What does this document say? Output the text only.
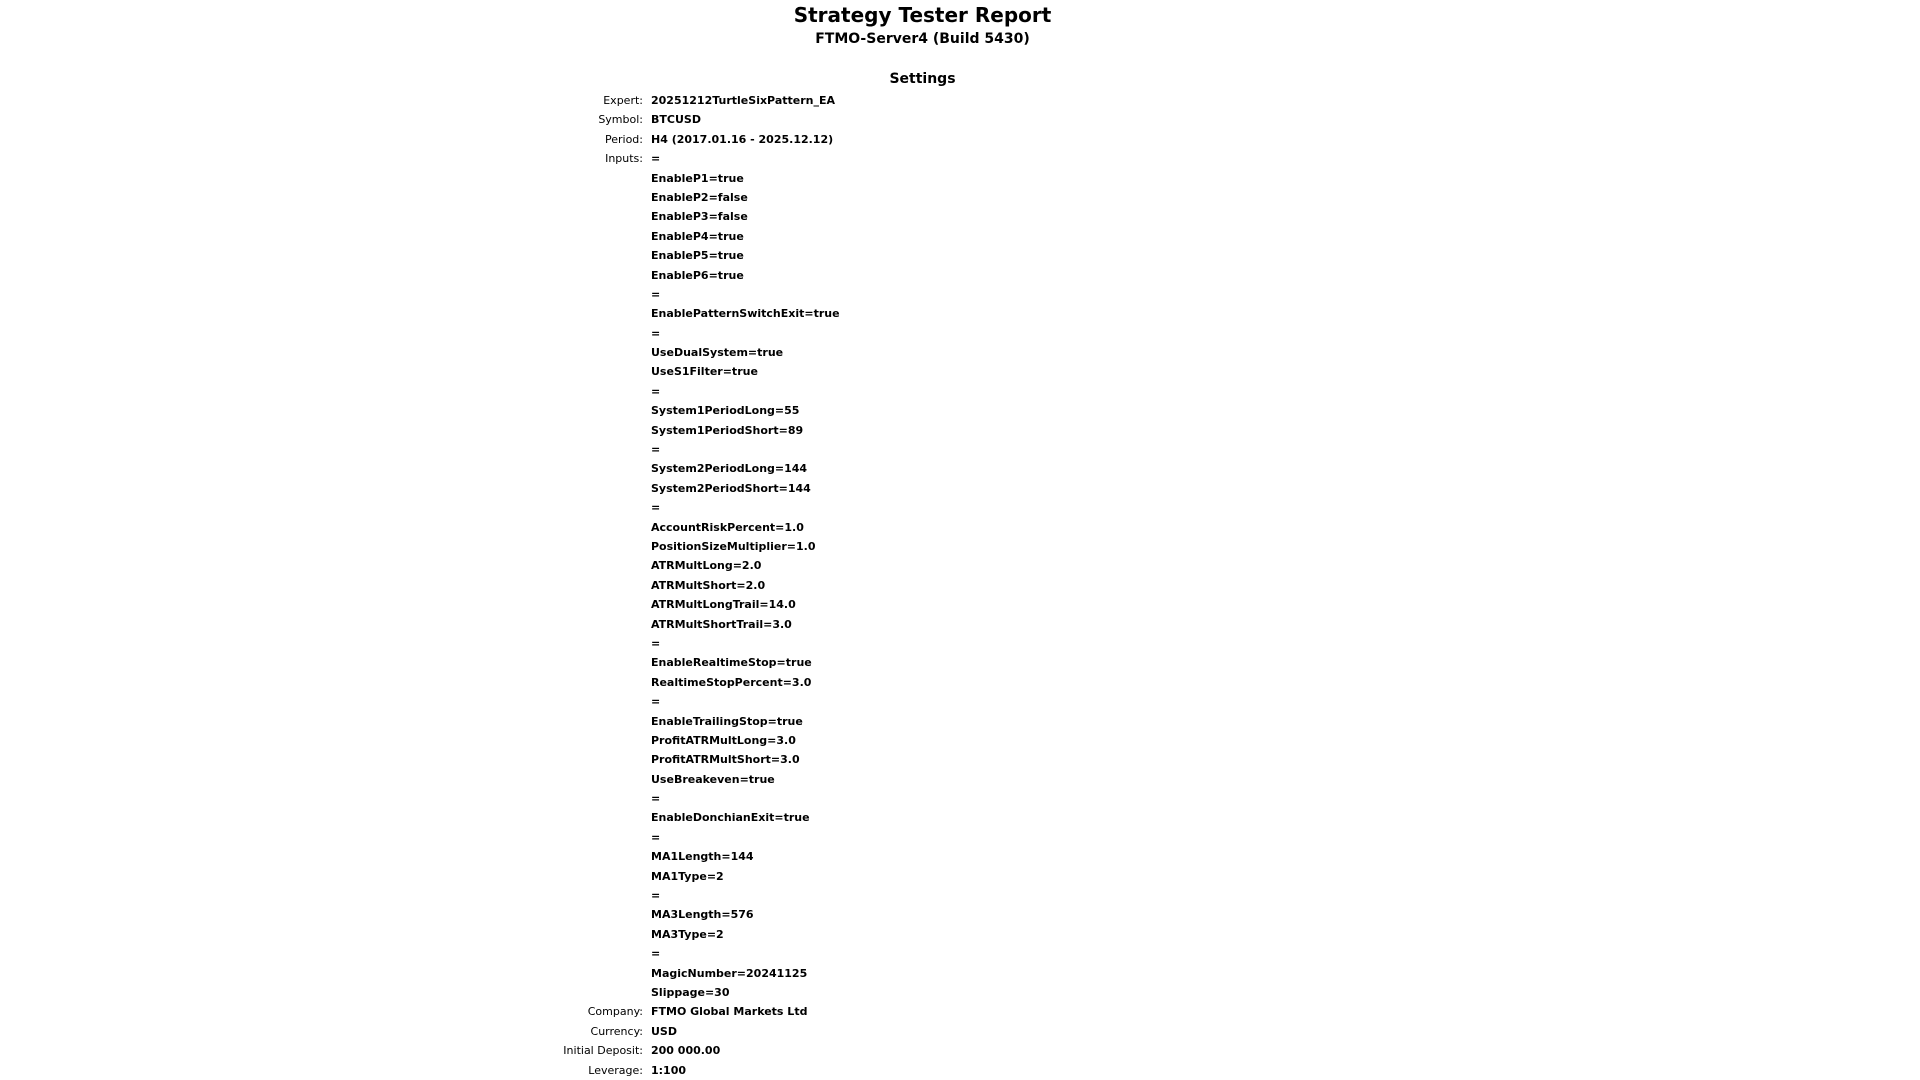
Strategy Tester Report
FTMO-Server4 (Build 5430)
Settings
Expert: 20251212TurtleSixPattern_EA
Symbol: BTCUSD
Period: H4 (2017.01.16 - 2025.12.12)
Inputs: =
EnableP1=true
EnableP2=false
EnableP3=false
EnableP4=true
EnableP5=true
EnableP6=true
=
EnablePatternSwitchExit=true
=
UseDualSystem=true
UseS1Filter=true
=
System1PeriodLong=55
System1PeriodShort=89
=
System2PeriodLong=144
System2PeriodShort=144
=
AccountRiskPercent=1.0
PositionSizeMultiplier=1.0
ATRMultLong=2.0
ATRMultShort=2.0
ATRMultLongTrail=14.0
ATRMultShortTrail=3.0
=
EnableRealtimeStop=true
RealtimeStopPercent=3.0
=
EnableTrailingStop=true
ProfitATRMultLong=3.0
ProfitATRMultShort=3.0
UseBreakeven=true
=
EnableDonchianExit=true
=
MA1Length=144
MA1Type=2
=
MA3Length=576
MA3Type=2
=
MagicNumber=20241125
Slippage=30
Company: FTMO Global Markets Ltd
Currency: USD
Initial Deposit: 200 000.00
Leverage: 1:100
